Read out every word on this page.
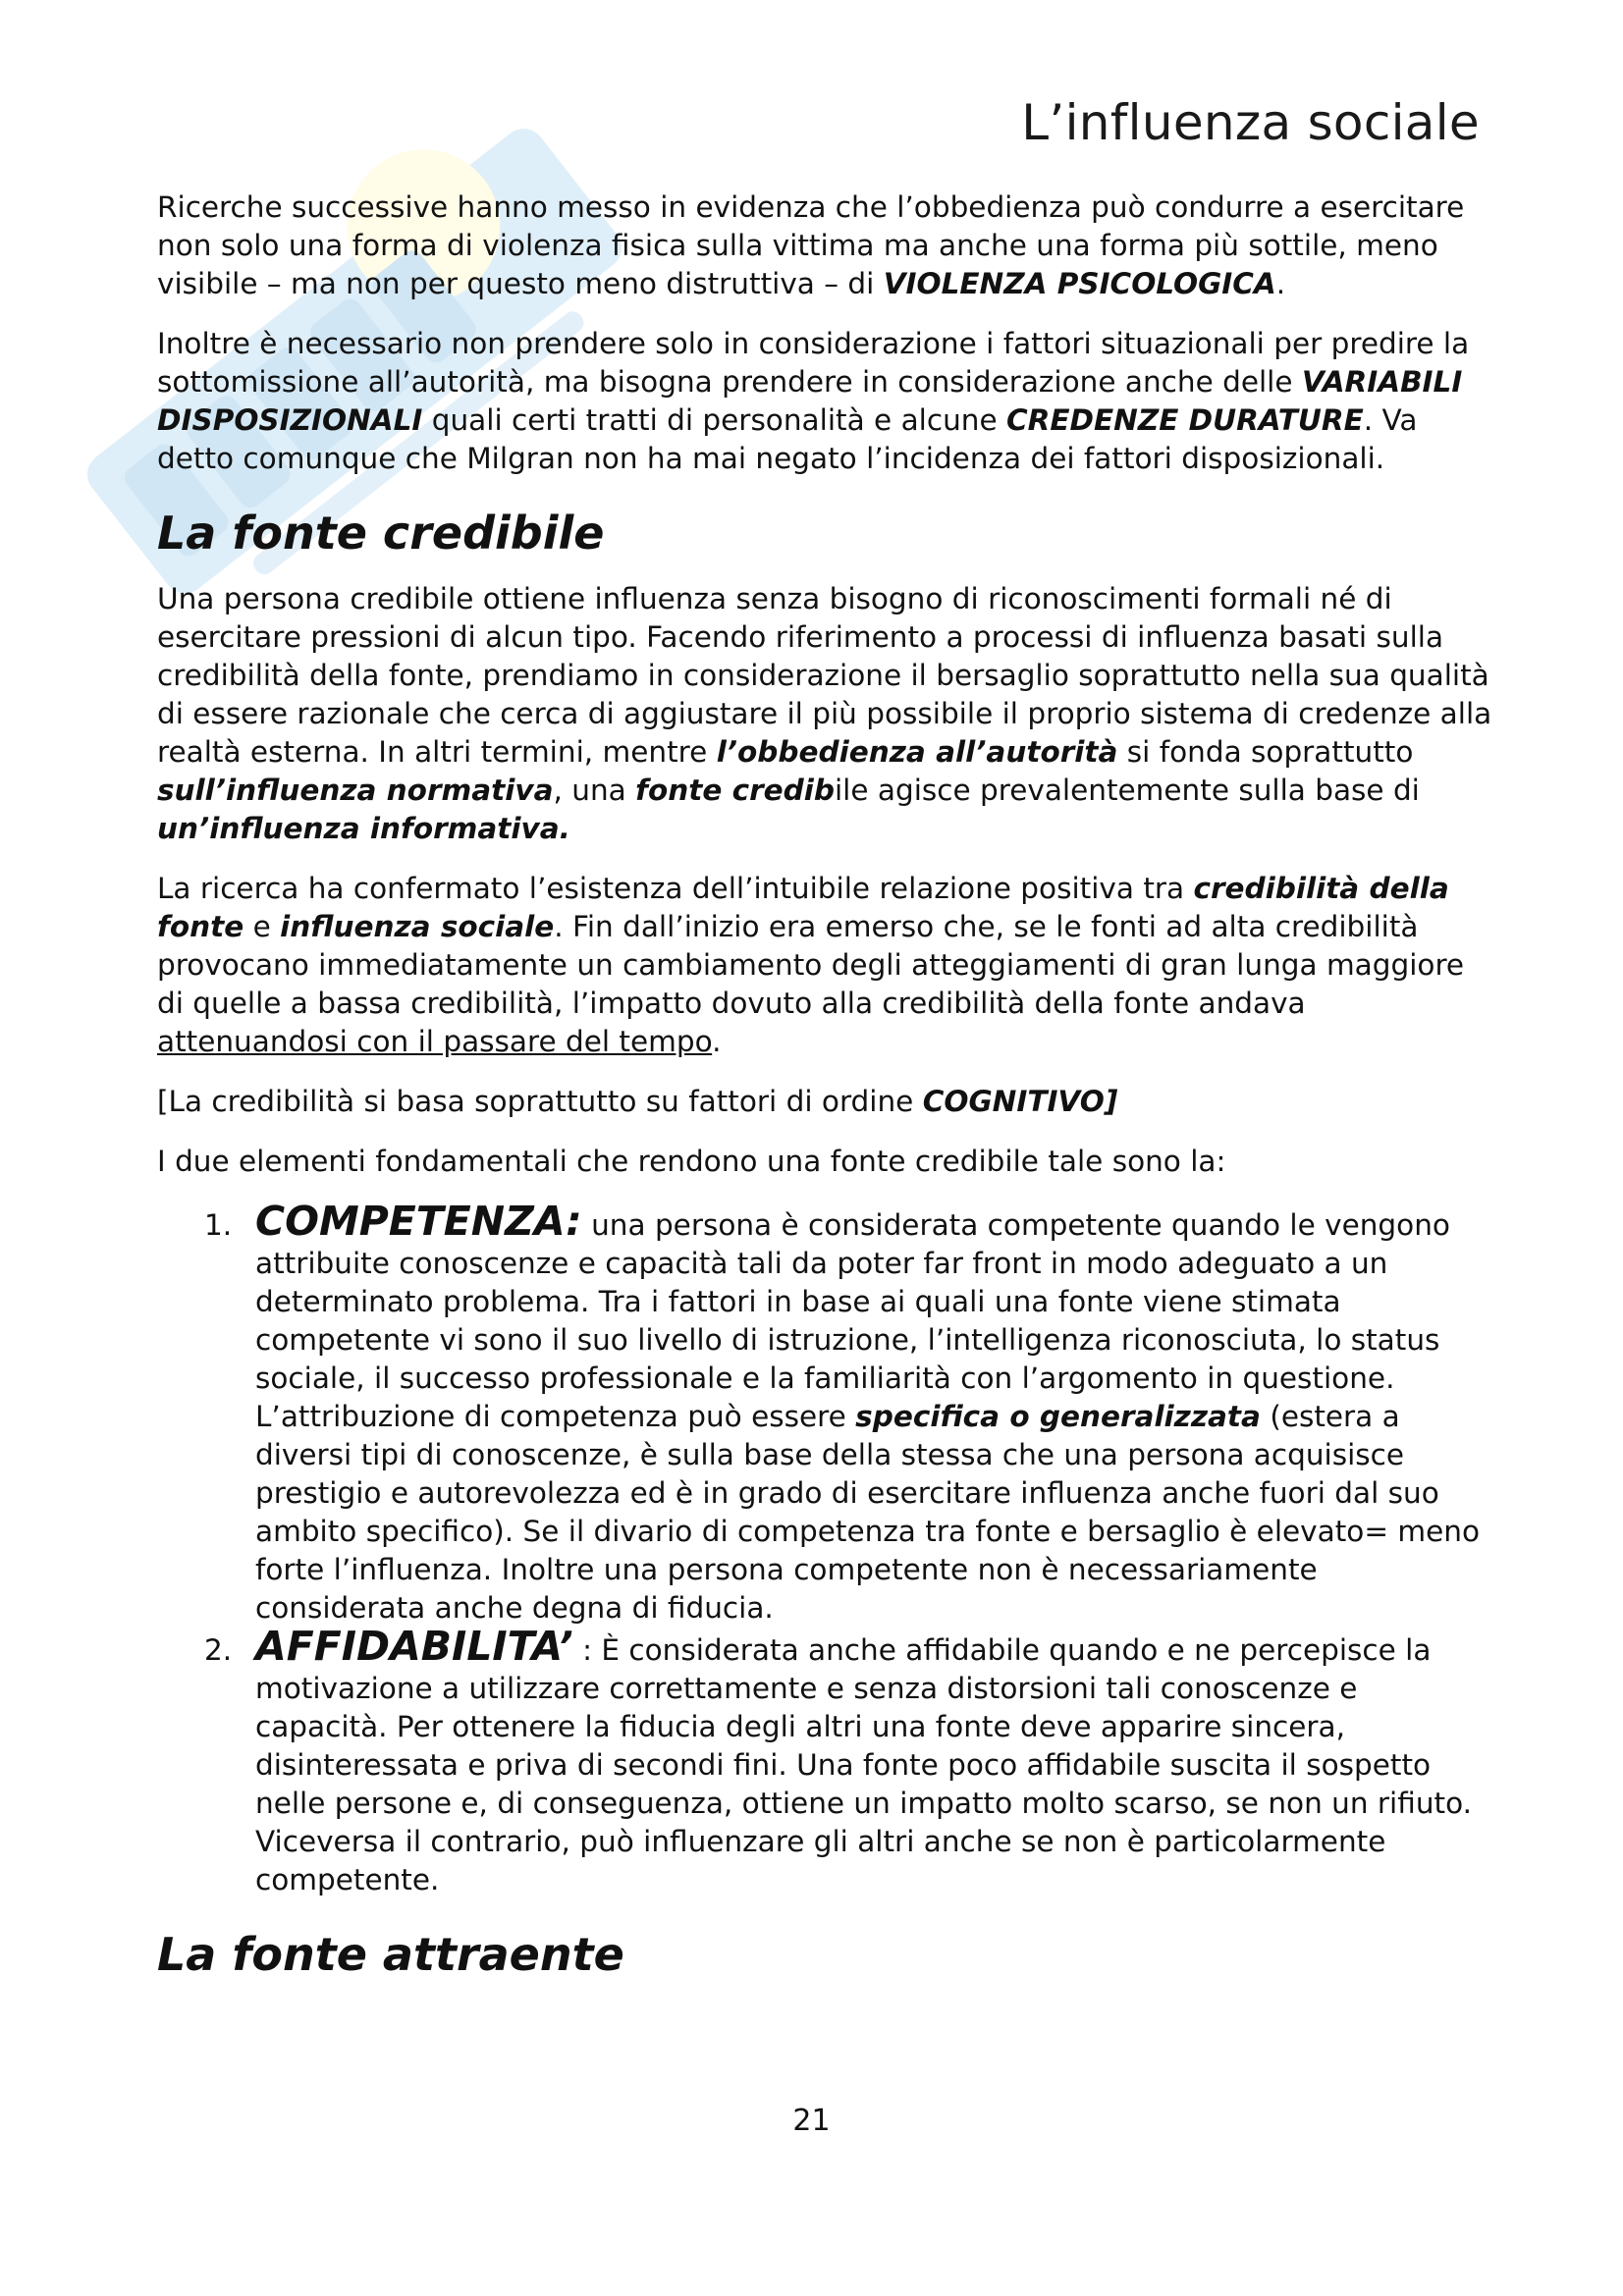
L’influenza sociale

Ricerche successive hanno messo in evidenza che l’obbedienza può condurre a esercitare non solo una forma di violenza fisica sulla vittima ma anche una forma più sottile, meno visibile – ma non per questo meno distruttiva – di VIOLENZA PSICOLOGICA.

Inoltre è necessario non prendere solo in considerazione i fattori situazionali per predire la sottomissione all’autorità, ma bisogna prendere in considerazione anche delle VARIABILI DISPOSIZIONALI quali certi tratti di personalità e alcune CREDENZE DURATURE. Va detto comunque che Milgran non ha mai negato l’incidenza dei fattori disposizionali.

La fonte credibile

Una persona credibile ottiene influenza senza bisogno di riconoscimenti formali né di esercitare pressioni di alcun tipo. Facendo riferimento a processi di influenza basati sulla credibilità della fonte, prendiamo in considerazione il bersaglio soprattutto nella sua qualità di essere razionale che cerca di aggiustare il più possibile il proprio sistema di credenze alla realtà esterna. In altri termini, mentre l’obbedienza all’autorità si fonda soprattutto sull’influenza normativa, una fonte credibile agisce prevalentemente sulla base di un’influenza informativa.

La ricerca ha confermato l’esistenza dell’intuibile relazione positiva tra credibilità della fonte e influenza sociale. Fin dall’inizio era emerso che, se le fonti ad alta credibilità provocano immediatamente un cambiamento degli atteggiamenti di gran lunga maggiore di quelle a bassa credibilità, l’impatto dovuto alla credibilità della fonte andava attenuandosi con il passare del tempo.

[La credibilità si basa soprattutto su fattori di ordine COGNITIVO]

I due elementi fondamentali che rendono una fonte credibile tale sono la:

1. COMPETENZA: una persona è considerata competente quando le vengono attribuite conoscenze e capacità tali da poter far front in modo adeguato a un determinato problema. Tra i fattori in base ai quali una fonte viene stimata competente vi sono il suo livello di istruzione, l’intelligenza riconosciuta, lo status sociale, il successo professionale e la familiarità con l’argomento in questione. L’attribuzione di competenza può essere specifica o generalizzata (estera a diversi tipi di conoscenze, è sulla base della stessa che una persona acquisisce prestigio e autorevolezza ed è in grado di esercitare influenza anche fuori dal suo ambito specifico). Se il divario di competenza tra fonte e bersaglio è elevato= meno forte l’influenza. Inoltre una persona competente non è necessariamente considerata anche degna di fiducia.
2. AFFIDABILITA’ : È considerata anche affidabile quando e ne percepisce la motivazione a utilizzare correttamente e senza distorsioni tali conoscenze e capacità. Per ottenere la fiducia degli altri una fonte deve apparire sincera, disinteressata e priva di secondi fini. Una fonte poco affidabile suscita il sospetto nelle persone e, di conseguenza, ottiene un impatto molto scarso, se non un rifiuto. Viceversa il contrario, può influenzare gli altri anche se non è particolarmente competente.
La fonte attraente
21
